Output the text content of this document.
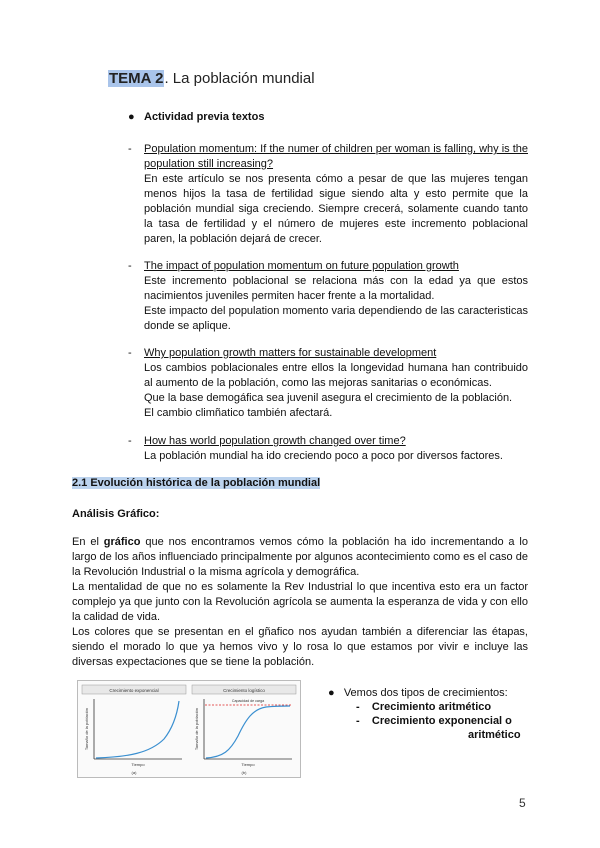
TEMA 2. La población mundial
● Actividad previa textos
- Population momentum: If the numer of children per woman is falling, why is the population still increasing?

En este artículo se nos presenta cómo a pesar de que las mujeres tengan menos hijos la tasa de fertilidad sigue siendo alta y esto permite que la población mundial siga creciendo. Siempre crecerá, solamente cuando tanto la tasa de fertilidad y el número de mujeres este incremento poblacional paren, la población dejará de crecer.

- The impact of population momentum on future population growth

Este incremento poblacional se relaciona más con la edad ya que estos nacimientos juveniles permiten hacer frente a la mortalidad.

Este impacto del population momento varia dependiendo de las caracteristicas donde se aplique.

- Why population growth matters for sustainable development

Los cambios poblacionales entre ellos la longevidad humana han contribuido al aumento de la población, como las mejoras sanitarias o económicas.

Que la base demogáfica sea juvenil asegura el crecimiento de la población.

El cambio climñatico también afectará.

- How has world population growth changed over time?

La población mundial ha ido creciendo poco a poco por diversos factores.

2.1 Evolución histórica de la población mundial
Análisis Gráfico:

En el gráfico que nos encontramos vemos cómo la población ha ido incrementando a lo largo de los años influenciado principalmente por algunos acontecimiento como es el caso de la Revolución Industrial o la misma agrícola y demográfica.

La mentalidad de que no es solamente la Rev Industrial lo que incentiva esto era un factor complejo ya que junto con la Revolución agrícola se aumenta la esperanza de vida y con ello la calidad de vida.

Los colores que se presentan en el gñafico nos ayudan también a diferenciar las étapas, siendo el morado lo que ya hemos vivo y lo rosa lo que estamos por vivir e incluye las diversas expectaciones que se tiene la población.

Crecimiento exponencial
Tamaño de la población
Tiempo
(a)
Crecimiento logístico
Capacidad de carga
Tamaño de la población
Tiempo
(b)
● Vemos dos tipos de crecimientos:
- Crecimiento aritmético
- Crecimiento exponencial o
aritmético
5
